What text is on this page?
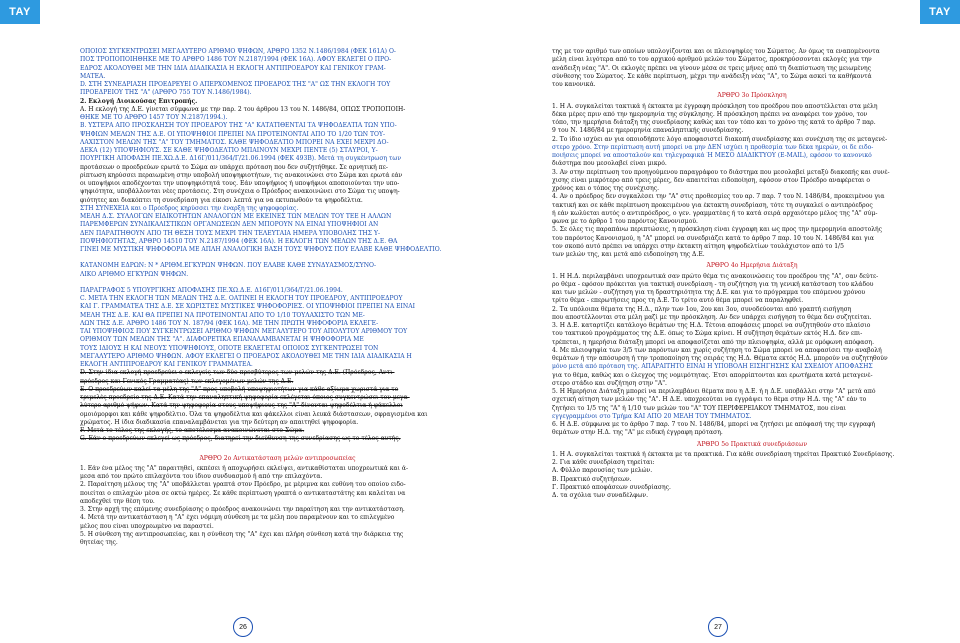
ΤΑΥ	ΤΑΥ
ΟΠΟΙΟΣ ΣΥΓΚΕΝΤΡΩΣΕΙ ΜΕΓΑΛΥΤΕΡΟ ΑΡΙΘΜΟ ΨΗΦΩΝ, ΑΡΘΡΟ 1352 Ν.1486/1984 (ΦΕΚ 161Α) Ο-
ΠΟΣ ΤΡΟΠΟΠΟΙΗΘΗΚΕ ΜΕ ΤΟ ΑΡΘΡΟ 1486 ΤΟΥ Ν.2187/1994 (ΦΕΚ 16Α). ΑΦΟΥ ΕΚΛΕΓΕΙ Ο ΠΡΟ-
ΕΔΡΟΣ ΑΚΟΛΟΥΘΕΙ ΜΕ ΤΗΝ ΙΔΙΑ ΔΙΑΔΙΚΑΣΙΑ Η ΕΚΛΟΓΗ ΑΝΤΙΠΡΟΕΔΡΟΥ ΚΑΙ ΓΕΝΙΚΟΥ ΓΡΑΜ-
ΜΑΤΕΑ.
D. ΣΤΗ ΣΥΝΕΔΡΙΑΣΗ ΠΡΟΕΔΡΕΥΕΙ Ο ΑΠΕΡΧΟΜΕΝΟΣ ΠΡΟΕΔΡΟΣ ΤΗΣ "Α" ΩΣ ΤΗΝ ΕΚΛΟΓΗ ΤΟΥ
ΠΡΟΕΔΡΕΙΟΥ ΤΗΣ "Α" (ΑΡΘΡΟ 755 ΤΟΥ Ν.1486/1984).
2. Εκλογή Διοικούσας Επιτροπής.
Α. Η εκλογή της Δ.Ε. γίνεται σύμφωνα με την παρ. 2 του άρθρου 13 του Ν. 1486/84, ΟΠΩΣ ΤΡΟΠΟΠΟΙΗ-
ΘΗΚΕ ΜΕ ΤΟ ΑΡΘΡΟ 1457 ΤΟΥ Ν.2187/1994.).
Β. ΥΣΤΕΡΑ ΑΠΟ ΠΡΟΣΚΛΗΣΗ ΤΟΥ ΠΡΟΕΔΡΟΥ ΤΗΣ "Α" ΚΑΤΑΤΙΘΕΝΤΑΙ ΤΑ ΨΗΦΟΔΕΛΤΙΑ ΤΩΝ ΥΠΟ-
ΨΗΦΙΩΝ ΜΕΛΩΝ ΤΗΣ Δ.Ε. ΟΙ ΥΠΟΨΗΦΙΟΙ ΠΡΕΠΕΙ ΝΑ ΠΡΟΤΕΙΝΟΝΤΑΙ ΑΠΟ ΤΟ 1/20 ΤΩΝ ΤΟΥ-
ΛΑΧΙΣΤΟΝ ΜΕΛΩΝ ΤΗΣ "Α" ΤΟΥ ΤΜΗΜΑΤΟΣ. ΚΑΘΕ ΨΗΦΟΔΕΛΤΙΟ ΜΠΟΡΕΙ ΝΑ ΕΧΕΙ ΜΕΧΡΙ ΔΟ-
ΔΕΚΑ (12) ΥΠΟΨΗΦΙΟΥΣ. ΣΕ ΚΑΘΕ ΨΗΦΟΔΕΛΤΙΟ ΜΠΑΙΝΟΥΝ ΜΕΧΡΙ ΠΕΝΤΕ (5) ΣΤΑΥΡΟΙ, Υ-
ΠΟΥΡΓΙΚΗ ΑΠΟΦΑΣΗ ΠΕ.ΧΩ.Δ.Ε. Δ16Γ/011/364/Γ/21.06.1994 (ΦΕΚ 493Β). Μετά τη συγκέντρωση των
προτάσεων ο προεδρεύων ερωτά το Σώμα αν υπάρχει πρόταση που δεν συζητήθηκε. Σε αρνητική πε-
ρίπτωση κηρύσσει περαιωμένη στην υποβολή υποψηφιοτήτων, τις ανακοινώνει στο Σώμα και ερωτά εάν
οι υποψήφιοι αποδέχονται την υποψηφιότητά τους. Εάν υποψήφιος ή υποψήφιοι αποποιούνται την υπο-
ψηφιότητα, υποβάλλονται νέες προτάσεις. Στη συνέχεια ο Πρόεδρος ανακοινώνει στο Σώμα τις υποψη-
φιότητες και διακόπτει τη συνεδρίαση για είκοσι λεπτά για να εκτυπωθούν τα ψηφοδέλτια.
ΣΤΗ ΣΥΝΕΧΕΙΑ και ο Πρόεδρος κηρύσσει την έναρξη της ψηφοφορίας.
ΜΕΛΗ Δ.Σ. ΣΥΛΛΟΓΩΝ ΕΙΔΙΚΟΤΗΤΩΝ ΑΝΑΛΟΓΩΝ ΜΕ ΕΚΕΙΝΕΣ ΤΩΝ ΜΕΛΩΝ ΤΟΥ ΤΕΕ Η ΑΛΛΩΝ
ΠΑΡΕΜΦΕΡΩΝ ΣΥΝΔΙΚΑΛΙΣΤΙΚΩΝ ΟΡΓΑΝΩΣΕΩΝ ΔΕΝ ΜΠΟΡΟΥΝ ΝΑ ΕΙΝΑΙ ΥΠΟΨΗΦΙΟΙ ΑΝ
ΔΕΝ ΠΑΡΑΙΤΗΘΟΥΝ ΑΠΟ ΤΗ ΘΕΣΗ ΤΟΥΣ ΜΕΧΡΙ ΤΗΝ ΤΕΛΕΥΤΑΙΑ ΗΜΕΡΑ ΥΠΟΒΟΛΗΣ ΤΗΣ Υ-
ΠΟΨΗΦΙΟΤΗΤΑΣ, ΑΡΘΡΟ 14510 ΤΟΥ Ν.2187/1994 (ΦΕΚ 16Α). Η ΕΚΛΟΓΗ ΤΩΝ ΜΕΛΩΝ ΤΗΣ Δ.Ε. ΘΑ
ΓΙΝΕΙ ΜΕ ΜΥΣΤΙΚΗ ΨΗΦΟΦΟΡΙΑ ΜΕ ΑΠΛΗ ΑΝΑΛΟΓΙΚΗ ΒΑΣΗ ΤΟΥΣ ΨΗΦΟΥΣ ΠΟΥ ΕΛΑΒΕ ΚΑΘΕ ΨΗΦΟΔΕΛΤΙΟ.
ΚΑΤΑΝΟΜΗ ΕΔΡΩΝ: Ν * ΑΡΙΘΜ.ΕΓΚΥΡΩΝ ΨΗΦΩΝ. ΠΟΥ ΕΛΑΒΕ ΚΑΘΕ ΣΥΝΔΥΑΣΜΟΣ/ΣΥΝΟ-
ΛΙΚΟ ΑΡΙΘΜΟ ΕΓΚΥΡΩΝ ΨΗΦΩΝ.
ΠΑΡΑΓΡΑΦΟΣ 5 ΥΠΟΥΡΓΙΚΗΣ ΑΠΟΦΑΣΗΣ ΠΕ.ΧΩ.Δ.Ε. Δ16Γ/011/364/Γ/21.06.1994.
C. ΜΕΤΑ ΤΗΝ ΕΚΛΟΓΗ ΤΩΝ ΜΕΛΩΝ ΤΗΣ Δ.Ε. ΟΑΤΙΝΕΙ Η ΕΚΛΟΓΗ ΤΟΥ ΠΡΟΕΔΡΟΥ, ΑΝΤΙΠΡΟΕΔΡΟΥ
ΚΑΙ Γ. ΓΡΑΜΜΑΤΕΑ ΤΗΣ Δ.Ε. ΣΕ ΧΩΡΙΣΤΕΣ ΜΥΣΤΙΚΕΣ ΨΗΦΟΦΟΡΙΕΣ. ΟΙ ΥΠΟΨΗΦΙΟΙ ΠΡΕΠΕΙ ΝΑ ΕΙΝΑΙ
ΜΕΛΗ ΤΗΣ Δ.Ε. ΚΑΙ ΘΑ ΠΡΕΠΕΙ ΝΑ ΠΡΟΤΕΙΝΟΝΤΑΙ ΑΠΟ ΤΟ 1/10 ΤΟΥΛΑΧΙΣΤΟ ΤΩΝ ΜΕ-
ΛΩΝ ΤΗΣ Δ.Ε. ΑΡΘΡΟ 1486 ΤΟΥ Ν. 187/94 (ΦΕΚ 16Α). ΜΕ ΤΗΝ ΠΡΩΤΗ ΨΗΦΟΦΟΡΙΑ ΕΚΛΕΓΕ-
ΤΑΙ ΥΠΟΨΗΦΙΟΣ ΠΟΥ ΣΥΓΚΕΝΤΡΩΣΕΙ ΑΡΙΘΜΟ ΨΗΦΩΝ ΜΕΓΑΛΥΤΕΡΟ ΤΟΥ ΑΠΟΛΥΤΟΥ ΑΡΙΘΜΟΥ ΤΟΥ
ΟΡΙΘΜΟΥ ΤΩΝ ΜΕΛΩΝ ΤΗΣ "Α". ΔΙΑΦΟΡΕΤΙΚΑ ΕΠΑΝΑΛΑΜΒΑΝΕΤΑΙ Η ΨΗΦΟΦΟΡΙΑ ΜΕ
ΤΟΥΣ ΙΔΙΟΥΣ Η ΚΑΙ ΝΕΟΥΣ ΥΠΟΨΗΦΙΟΥΣ, ΟΠΟΤΕ ΕΚΛΕΓΕΤΑΙ ΟΠΟΙΟΣ ΣΥΓΚΕΝΤΡΩΣΕΙ ΤΟΝ
ΜΕΓΑΛΥΤΕΡΟ ΑΡΙΘΜΟ ΨΗΦΩΝ. ΑΦΟΥ ΕΚΛΕΓΕΙ Ο ΠΡΟΕΔΡΟΣ ΑΚΟΛΟΥΘΕΙ ΜΕ ΤΗΝ ΙΔΙΑ ΔΙΑΔΙΚΑΣΙΑ Η
ΕΚΛΟΓΗ ΑΝΤΙΠΡΟΕΔΡΟΥ ΚΑΙ ΓΕΝΙΚΟΥ ΓΡΑΜΜΑΤΕΑ.
D. Στην ίδια εκλογή προεδρεύει ο εκλεγείς των δύο πρεσβύτερος των μελών της Δ.Ε. (Πρόεδρος, Αντι-
πρόεδρος και Γενικός Γραμματέας) των εκλεγομένων μελών της Δ.Ε.
Ε. Ο προεδρεύων καλεί τα μέλη της "Α" προς υποβολή υποψηφιοτήτων για κάθε αξίωμα χωριστά για το
τριμελές προεδρείο της Δ.Ε. Κατά την επαναληπτική ψηφοφορία εκλέγεται όποιος συγκεντρώσει τον μεγα-
λύτερο αριθμό ψήφων. Κατά την ψηφοφορία στους υποψήφιους της "Α" δίνονται ψηφοδέλτια ή φάκελλοι
ομοιόμορφοι και κάθε ψηφοδέλτιο. Όλα τα ψηφοδέλτια και φάκελλοι είναι λευκά διάστασεων, σφραγισμένα και
χρώματος. Η ίδια διαδικασία επαναλαμβάνεται για την δεύτερη αν απαιτηθεί ψηφοφορία.
F. Μετά το τέλος της εκλογής, το αποτέλεσμα ανακοινώνεται στο Σώμα.
G. Εάν ο προεδρεύων εκλεγεί ως πρόεδρος, διατηρεί την διεύθυνση της συνεδρίασης ως το τέλος αυτής.
ΆΡΘΡΟ 2ο Αντικατάσταση μελών αντιπροσωπείας
1. Εάν ένα μέλος της "Α" παραιτηθεί, εκπέσει ή αποχωρήσει εκλείψει, αντικαθίσταται υποχρεωτικά και ά-
μεσα από τον πρώτο επιλαχόντα του ίδιου συνδυασμού ή από την επιλαχόντα.
2. Παραίτηση μέλους της "Α" υποβάλλεται γραπτά στον Πρόεδρο, με μέριμνα και ευθύνη του οποίου ειδο-
ποιείται ο επιλαχών μέσα σε οκτώ ημέρες. Σε κάθε περίπτωση γραπτά ο αντικαταστάτης και καλείται να
αποδεχθεί την θέση του.
3. Στην αρχή της επόμενης συνεδρίασης ο πρόεδρος ανακοινώνει την παραίτηση και την αντικατάσταση.
4. Μετά την αντικατάσταση η "Α" έχει νόμιμη σύνθεση με τα μέλη που παραμένουν και το επιλεγμένο
μέλος που είναι υποχρεωμένο να παραστεί.
5. Η σύνθεση της αντιπροσωπείας, και η σύνθεση της "Α" έχει και πλήρη σύνθεση κατά την διάρκεια της
θητείας της.
της με τον αριθμό των οποίων υπολογίζονται και οι πλειοψηφίες του Σώματος. Αν όμως τα εναπομένοντα
μέλη είναι λιγότερα από το του αρχικού αριθμού μελών του Σώματος, προκηρύσσονται εκλογές για την
ανάδειξη νέας "Α". Οι εκλογές πρέπει να γίνουν μέσα σε τρεις μήνες από τη διαπίστωση της μειωμένης
σύνθεσης του Σώματος. Σε κάθε περίπτωση, μέχρι την ανάδειξη νέας "Α", το Σώμα ασκεί τα καθήκοντά
του κανονικά.
ΆΡΘΡΟ 3ο Πρόσκληση
1. Η Α. συγκαλείται τακτικά ή έκτακτα με έγγραφη πρόσκληση του προέδρου που αποστέλλεται στα μέλη
δέκα μέρες πριν από την ημερομηνία της σύγκλησης. Η πρόσκληση πρέπει να αναφέρει τον χρόνο, τον
τόπο, την ημερήσια διάταξη της συνεδρίασης καθώς και τον τόπο και το χρόνο της κατά το άρθρο 7 παρ.
9 του Ν. 1486/84 με ημερομηνία επαναληπτικής συνεδρίασης.
2. Το ίδιο ισχύει αν για οποιοδήποτε λόγο αποφασιστεί διακοπή συνεδρίασης και συνέχιση της σε μεταγενέ-
στερο χρόνο. Στην περίπτωση αυτή μπορεί να μην ΔΕΝ ισχύει η προθεσμία των δέκα ημερών, οι δε ειδο-
ποιήσεις μπορεί να αποσταλούν και τηλεγραφικά Ή ΜΕΣΟ ΔΙΑΔΙΚΤΥΟΥ (E-MAIL), εφόσον το κανονικό
διάστημα που μεσολαβεί είναι μικρό.
3. Αν στην περίπτωση του προηγούμενου παραγράφου το διάστημα που μεσολαβεί μεταξύ διακοπής και συνέ-
χισης είναι μικρότερο από τρεις μέρες, δεν απαιτείται ειδοποίηση, εφόσον στον Πρόεδρο αναφέρεται ο
χρόνος και ο τόπος της συνέχισης.
4. Αν ο πρόεδρος δεν συγκαλέσει την "Α" στις προθεσμίες του αρ. 7 παρ. 7 του Ν. 1486/84, προκειμένου για
τακτική και σε κάθε περίπτωση προκειμένου για έκτακτη συνεδρίαση, τότε τη συγκαλεί ο αντιπρόεδρος
ή εάν κωλύεται αυτός ο αντιπρόεδρος, ο γεν. γραμματέας ή το κατά σειρά αρχαιότερο μέλος της "Α" σύμ-
φωνα με το άρθρο 1 του παρόντος Κανονισμού.
5. Σε όλες τις παραπάνω περιπτώσεις, η πρόσκληση είναι έγγραφη και ως προς την ημερομηνία αποστολής
του παρόντος Κανονισμού, η "Α" μπορεί να συνεδριάζει κατά το άρθρο 7 παρ. 10 του Ν. 1486/84 και για
τον σκοπό αυτό πρέπει να υπάρχει στην έκτακτη αίτηση ψηφοδελτίων τουλάχιστον από το 1/5
των μελών της, και μετά από ειδοποίηση της Δ.Ε.
ΆΡΘΡΟ 4ο Ημερήσια Διάταξη
1. Η Η.Δ. περιλαμβάνει υποχρεωτικά σαν πρώτο θέμα τις ανακοινώσεις του προέδρου της "Α", σαν δεύτε-
ρο θέμα - εφόσον πρόκειται για τακτική συνεδρίαση - τη συζήτηση για τη γενική κατάσταση του κλάδου
και των μελών - συζήτηση για τη δραστηριότητα της Δ.Ε. και για το πρόγραμμα του επόμενου χρόνου
τρίτο θέμα - επερωτήσεις προς τη Δ.Ε. Το τρίτο αυτό θέμα μπορεί να παραληφθεί.
2. Τα υπόλοιπα θέματα της Η.Δ., πλην των 1ου, 2ου και 3ου, συνοδεύονται από γραπτή εισήγηση
που αποστέλλονται στα μέλη μαζί με την πρόσκληση. Αν δεν υπάρχει εισήγηση το θέμα δεν συζητείται.
3. Η Δ.Ε. καταρτίζει κατάλογο θεμάτων της Η.Δ. Τέτοια αποφάσεις μπορεί να συζητηθούν στο πλαίσιο
του τακτικού προγράμματος της Δ.Ε. όπως το Σώμα κρίνει. Η συζήτηση θεμάτων εκτός Η.Δ. δεν επι-
τρέπεται, η ημερήσια διάταξη μπορεί να αποφασίζεται από την πλειοψηφία, αλλά με ομόφωνη απόφαση.
4. Με πλειοψηφία των 3/5 των παρόντων και χωρίς συζήτηση το Σώμα μπορεί να αποφασίσει την αναβολή
θεμάτων ή την απόσυρση ή την τροποποίηση της σειράς της Η.Δ. Θέματα εκτός Η.Δ. μπορούν να συζητηθούν
μόνο μετά από πρόταση της. ΑΠΑΡΑΙΤΗΤΟ ΕΙΝΑΙ Η ΥΠΟΒΟΛΗ ΕΙΣΗΓΗΣΗΣ ΚΑΙ ΣΧΕΔΙΟΥ ΑΠΟΦΑΣΗΣ
για το θέμα, καθώς και ο έλεγχος της νομιμότητας. Έτσι απορρίπτονται και ερωτήματα κατά μεταγενέ-
στερο στάδιο και συζήτηση στην "Α".
5. Η Ημερήσια Διάταξη μπορεί να περιλαμβάνει θέματα που η Δ.Ε. ή η Δ.Ε. υποβάλλει στην "Α" μετά από
σχετική αίτηση των μελών της "Α". Η Δ.Ε. υποχρεούται να εγγράψει το θέμα στην Η.Δ. της "Α" εάν το
ζητήσει το 1/5 της "Α" ή 1/10 των μελών του "Α" ΤΟΥ ΠΕΡΙΦΕΡΕΙΑΚΟΥ ΤΜΗΜΑΤΟΣ, που είναι
εγγεγραμμένοι στο Τμήμα ΚΑΙ ΑΠΟ 20 ΜΕΛΗ ΤΟΥ ΤΜΗΜΑΤΟΣ.
6. Η Δ.Ε. σύμφωνα με το άρθρο 7 παρ. 7 του Ν. 1486/84, μπορεί να ζητήσει με απόφασή της την εγγραφή
θεμάτων στην Η.Δ. της "Α" με ειδική έγγραφη πρόταση.
ΆΡΘΡΟ 5ο Πρακτικά συνεδριάσεων
1. Η Α. συγκαλείται τακτικά ή έκτακτα με τα πρακτικά. Για κάθε συνεδρίαση τηρείται Πρακτικό Συνεδρίασης.
2. Για κάθε συνεδρίαση τηρείται:
Α. Φύλλο παρουσίας των μελών.
Β. Πρακτικό συζητήσεων.
Γ. Πρακτικό αποφάσεων συνεδρίασης.
Δ. τα σχόλια των συναδέλφων.
26	27
